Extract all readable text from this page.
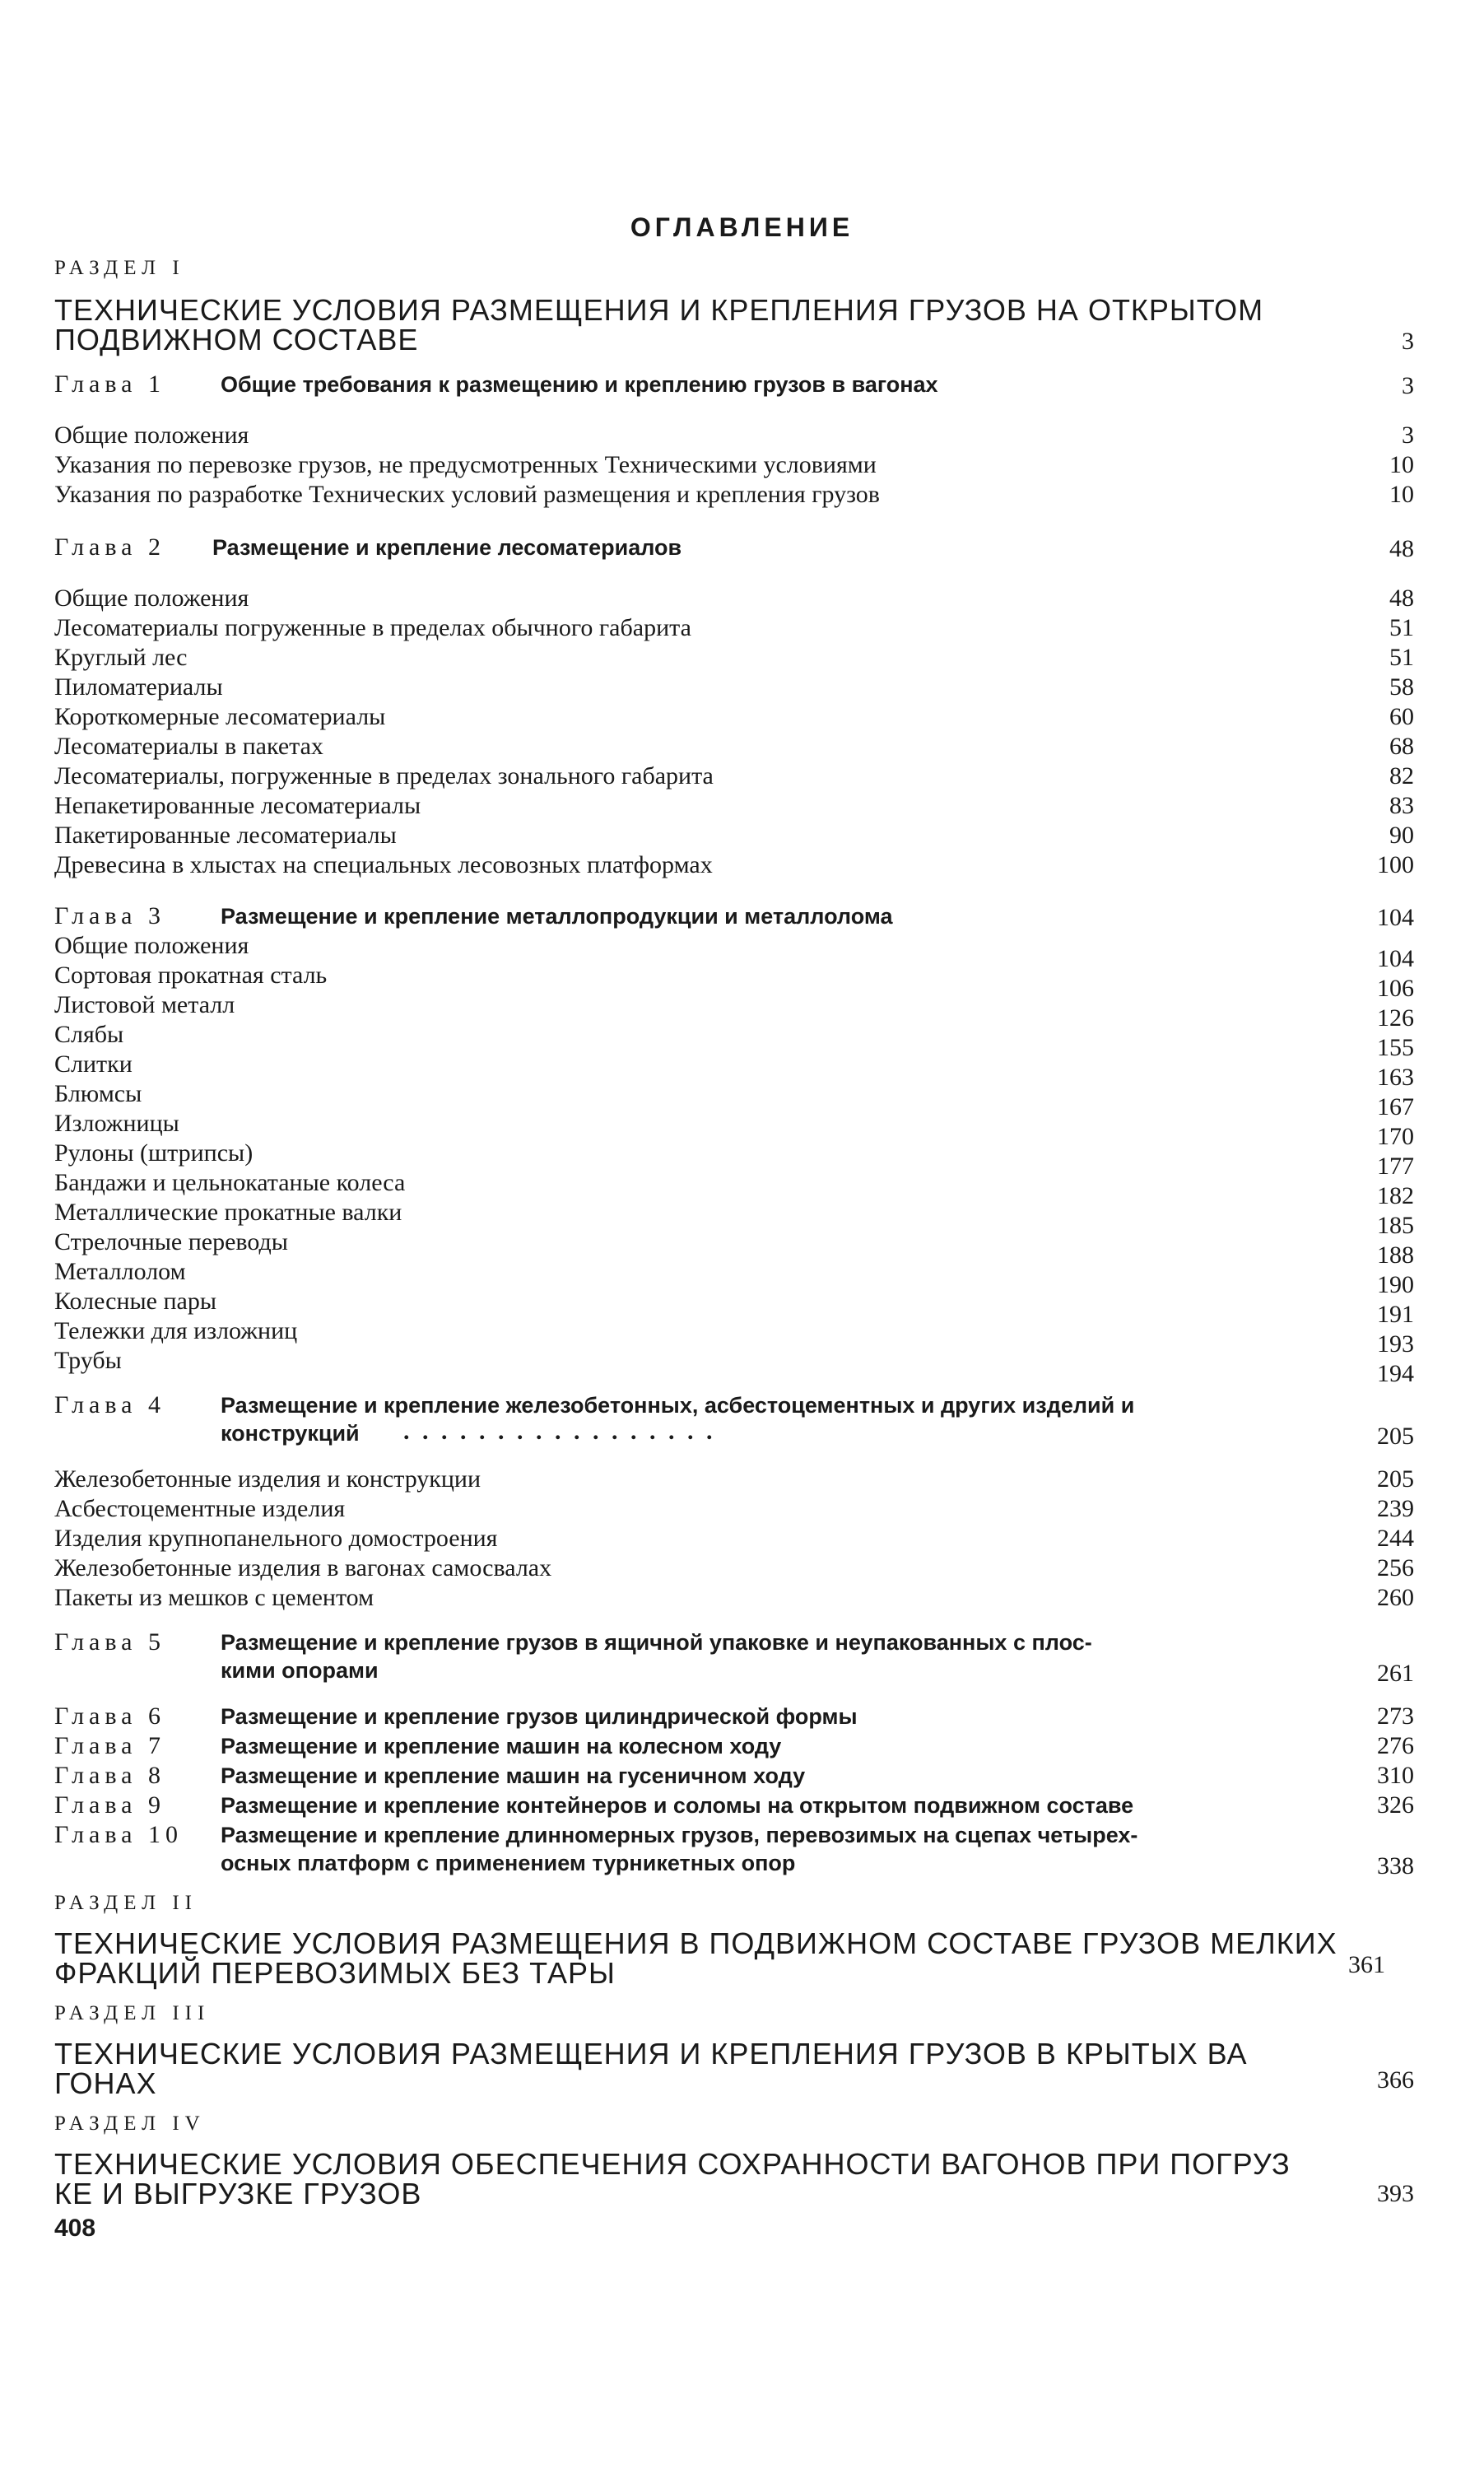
ОГЛАВЛЕНИЕ
РАЗДЕЛ I
ТЕХНИЧЕСКИЕ УСЛОВИЯ РАЗМЕЩЕНИЯ И КРЕПЛЕНИЯ ГРУЗОВ НА ОТКРЫТОМ
ПОДВИЖНОМ СОСТАВЕ	3
Глава 1 Общие требования к размещению и креплению грузов в вагонах	3
Общие положения	3
Указания по перевозке грузов, не предусмотренных Техническими условиями	10
Указания по разработке Технических условий размещения и крепления грузов	10
Глава 2 Размещение и крепление лесоматериалов	48
Общие положения	48
Лесоматериалы погруженные в пределах обычного габарита	51
Круглый лес	51
Пиломатериалы	58
Короткомерные лесоматериалы	60
Лесоматериалы в пакетах	68
Лесоматериалы, погруженные в пределах зонального габарита	82
Непакетированные лесоматериалы	83
Пакетированные лесоматериалы	90
Древесина в хлыстах на специальных лесовозных платформах	100
Глава 3 Размещение и крепление металлопродукции и металлолома	104
Общие положения	104
Сортовая прокатная сталь	106
Листовой металл	126
Слябы	155
Слитки	163
Блюмсы	167
Изложницы	170
Рулоны (штрипсы)	177
Бандажи и цельнокатаные колеса	182
Металлические прокатные валки	185
Стрелочные переводы	188
Металлолом	190
Колесные пары	191
Тележки для изложниц	193
Трубы	194
Глава 4 Размещение и крепление железобетонных, асбестоцементных и других изделий и
конструкций . . . . . . . . . . . . . . . . .	205
Железобетонные изделия и конструкции	205
Асбестоцементные изделия	239
Изделия крупнопанельного домостроения	244
Железобетонные изделия в вагонах самосвалах	256
Пакеты из мешков с цементом	260
Глава 5 Размещение и крепление грузов в ящичной упаковке и неупакованных с плос-
кими опорами	261
Глава 6 Размещение и крепление грузов цилиндрической формы	273
Глава 7 Размещение и крепление машин на колесном ходу	276
Глава 8 Размещение и крепление машин на гусеничном ходу	310
Глава 9 Размещение и крепление контейнеров и соломы на открытом подвижном составе	326
Глава 10 Размещение и крепление длинномерных грузов, перевозимых на сцепах четырех-
осных платформ с применением турникетных опор	338
РАЗДЕЛ II
ТЕХНИЧЕСКИЕ УСЛОВИЯ РАЗМЕЩЕНИЯ В ПОДВИЖНОМ СОСТАВЕ ГРУЗОВ МЕЛКИХ
ФРАКЦИЙ ПЕРЕВОЗИМЫХ БЕЗ ТАРЫ	361
РАЗДЕЛ III
ТЕХНИЧЕСКИЕ УСЛОВИЯ РАЗМЕЩЕНИЯ И КРЕПЛЕНИЯ ГРУЗОВ В КРЫТЫХ ВА
ГОНАХ	366
РАЗДЕЛ IV
ТЕХНИЧЕСКИЕ УСЛОВИЯ ОБЕСПЕЧЕНИЯ СОХРАННОСТИ ВАГОНОВ ПРИ ПОГРУЗ
КЕ И ВЫГРУЗКЕ ГРУЗОВ	393
408
